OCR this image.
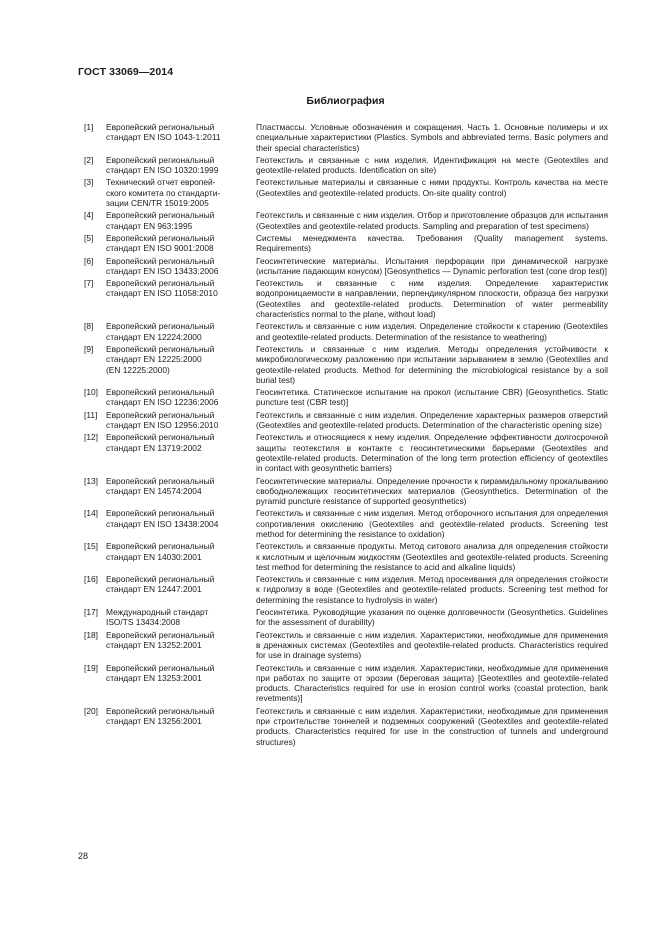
ГОСТ 33069—2014
Библиография
[1]	Европейский региональный
стандарт EN ISO 1043-1:2011
Пластмассы. Условные обозначения и сокращения. Часть 1. Основные полимеры и их специальные характеристики (Plastics. Symbols and abbreviated terms. Basic polymers and their special characteristics)
[2]	Европейский региональный
стандарт EN ISO 10320:1999
Геотекстиль и связанные с ним изделия. Идентификация на месте (Geotextiles and geotextile-related products. Identification on site)
[3]	Технический отчет европей-
ского комитета по стандарти-
зации CEN/TR 15019:2005
Геотекстильные материалы и связанные с ними продукты. Контроль качества на месте (Geotextiles and geotextile-related products. On-site quality control)
[4]	Европейский региональный
стандарт EN 963:1995
Геотекстиль и связанные с ним изделия. Отбор и приготовление образцов для испытания (Geotextiles and geotextile-related products. Sampling and preparation of test specimens)
[5]	Европейский региональный
стандарт EN ISO 9001:2008
Системы менеджмента качества. Требования (Quality management systems. Requirements)
[6]	Европейский региональный
стандарт EN ISO 13433:2006
Геосинтетические материалы. Испытания перфорации при динамической нагрузке (испытание падающим конусом) [Geosynthetics — Dynamic perforation test (cone drop test)]
[7]	Европейский региональный
стандарт EN ISO 11058:2010
Геотекстиль и связанные с ним изделия. Определение характеристик водопроницаемости в направлении, перпендикулярном плоскости, образца без нагрузки (Geotextiles and geotextile-related products. Determination of water permeability characteristics normal to the plane, without load)
[8]	Европейский региональный
стандарт EN 12224:2000
Геотекстиль и связанные с ним изделия. Определение стойкости к старению (Geotextiles and geotextile-related products. Determination of the resistance to weathering)
[9]	Европейский региональный
стандарт EN 12225:2000
(EN 12225:2000)
Геотекстиль и связанные с ним изделия. Методы определения устойчивости к микробиологическому разложению при испытании зарыванием в землю (Geotextiles and geotextile-related products. Method for determining the microbiological resistance by a soil burial test)
[10] Европейский региональный
стандарт EN ISO 12236:2006
Геосинтетика. Статическое испытание на прокол (испытание CBR) [Geosynthetics. Static puncture test (CBR test)]
[11]	Европейский региональный
стандарт EN ISO 12956:2010
Геотекстиль и связанные с ним изделия. Определение характерных размеров отверстий (Geotextiles and geotextile-related products. Determination of the characteristic opening size)
[12] Европейский региональный
стандарт EN 13719:2002
Геотекстиль и относящиеся к нему изделия. Определение эффективности долгосрочной защиты геотекстиля в контакте с геосинтетическими барьерами (Geotextiles and geotextile-related products. Determination of the long term protection efficiency of geotextiles in contact with geosynthetic barriers)
[13] Европейский региональный
стандарт EN 14574:2004
Геосинтетические материалы. Определение прочности к пирамидальному прокалыванию свободнолежащих геосинтетических материалов (Geosynthetics. Determination of the pyramid puncture resistance of supported geosynthetics)
[14] Европейский региональный
стандарт EN ISO 13438:2004
Геотекстиль и связанные с ним изделия. Метод отборочного испытания для определения сопротивления окислению (Geotextiles and geotextile-related products. Screening test method for determining the resistance to oxidation)
[15] Европейский региональный
стандарт EN 14030:2001
Геотекстиль и связанные продукты. Метод ситового анализа для определения стойкости к кислотным и щелочным жидкостям (Geotextiles and geotextile-related products. Screening test method for determining the resistance to acid and alkaline liquids)
[16] Европейский региональный
стандарт EN 12447:2001
Геотекстиль и связанные с ним изделия. Метод просеивания для определения стойкости к гидролизу в воде (Geotextiles and geotextile-related products. Screening test method for determining the resistance to hydrolysis in water)
[17] Международный стандарт
ISO/TS 13434:2008
Геосинтетика. Руководящие указания по оценке долговечности (Geosynthetics. Guidelines for the assessment of durability)
[18] Европейский региональный
стандарт EN 13252:2001
Геотекстиль и связанные с ним изделия. Характеристики, необходимые для применения в дренажных системах (Geotextiles and geotextile-related products. Characteristics required for use in drainage systems)
[19] Европейский региональный
стандарт EN 13253:2001
Геотекстиль и связанные с ним изделия. Характеристики, необходимые для применения при работах по защите от эрозии (береговая защита) [Geotextiles and geotextile-related products. Characteristics required for use in erosion control works (coastal protection, bank revetments)]
[20] Европейский региональный
стандарт EN 13256:2001
Геотекстиль и связанные с ним изделия. Характеристики, необходимые для применения при строительстве тоннелей и подземных сооружений (Geotextiles and geotextile-related products. Characteristics required for use in the construction of tunnels and underground structures)
28
